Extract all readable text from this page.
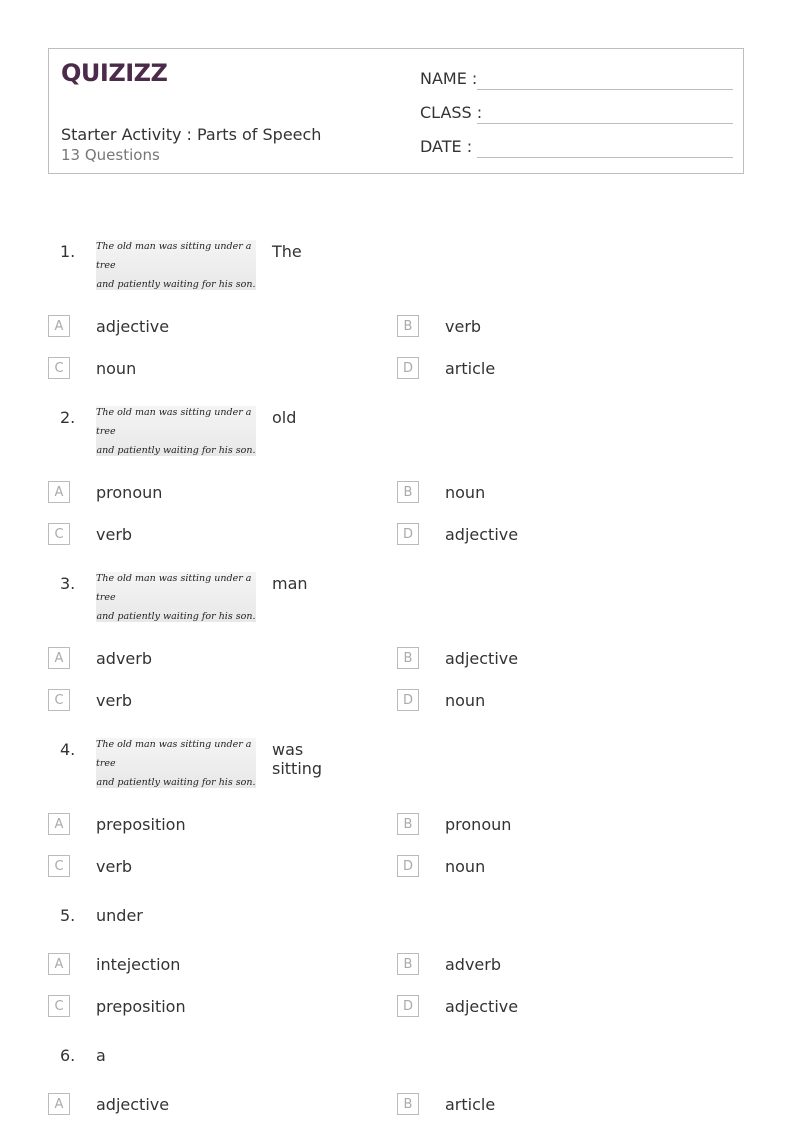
QUIZIZZ
Starter Activity : Parts of Speech
13 Questions
NAME :
CLASS :
DATE :
1. The old man was sitting under a tree
and patiently waiting for his son.
The
A	adjective	B	verb
C	noun	D	article
2. The old man was sitting under a tree
and patiently waiting for his son.
old
A	pronoun	B	noun
C	verb	D	adjective
3. The old man was sitting under a tree
and patiently waiting for his son.
man
A	adverb	B	adjective
C	verb	D	noun
4. The old man was sitting under a tree
and patiently waiting for his son.
was sitting
A	preposition	B	pronoun
C	verb	D	noun
5. under
A	intejection	B	adverb
C	preposition	D	adjective
6. a
A	adjective	B	article
